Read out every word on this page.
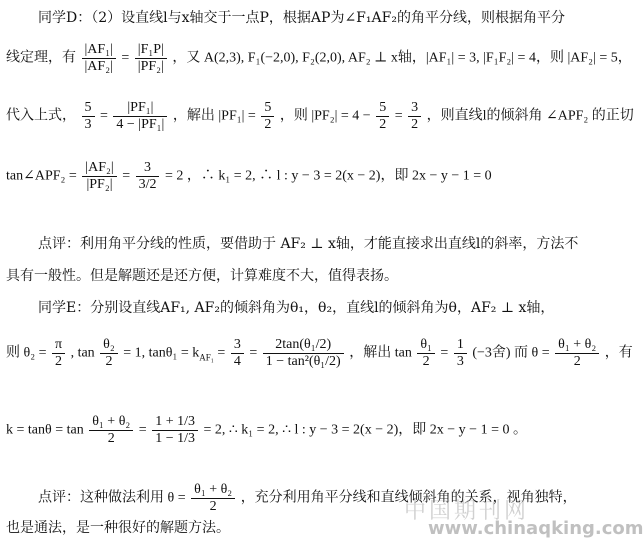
同学D：（2）设直线l与x轴交于一点P，根据AP为∠F₁AF₂的角平分线，则根据角平分
线定理，有 $\frac{\text{|AF₁|}}{\text{|AF₂|}} = \frac{\text{|F₁P|}}{\text{|PF₂|}}$ ，又 A(2,3), F₁(−2,0), F₂(2,0), AF₂ ⊥ x轴，|AF₁| = 3, |F₁F₂| = 4，则 |AF₂| = 5，
代入上式， $\frac{5}{3} = \frac{\text{|PF₁|}}{\text{4 − |PF₁|}}$ ，解出 $|PF_1| = \frac{5}{2}$ ，则 $|PF_2| = 4 - \frac{5}{2} = \frac{3}{2}$ ，则直线l的倾斜角 ∠APF₂ 的正切
tan∠APF₂ = $\frac{\text{|AF₂|}}{\text{|PF₂|}} = \frac{3}{3/2} = 2$ ，∴ k₁ = 2, ∴ l : y − 3 = 2(x − 2)，即 2x − y − 1 = 0
点评：利用角平分线的性质，要借助于 AF₂ ⊥ x轴，才能直接求出直线l的斜率，方法不
具有一般性。但是解题还是还方便，计算难度不大，值得表扬。
同学E：分别设直线AF₁, AF₂的倾斜角为θ₁，θ₂，直线l的倾斜角为θ，AF₂ ⊥ x轴，
则 $\theta_2 = \frac{\pi}{2}$ , $\tan \frac{\text{θ₂}}{2} = 1$, $\tan\theta_1 = k_{AF_1} = \frac{3}{4} = \frac{\text{2tan(θ₁/2)}}{\text{1 − tan²(θ₁/2)}}$ ，解出 $\tan \frac{\text{θ₁}}{2} = \frac{1}{3} (-3$舍) 而 $\theta = \frac{\text{θ₁ + θ₂}}{2}$ ，有
$k = \tan\theta = \tan \frac{\text{θ₁ + θ₂}}{2} = \frac{1 + 1/3}{1 - 1/3} = 2$, ∴ k₁ = 2, ∴ l : y − 3 = 2(x − 2)，即 2x − y − 1 = 0 。
点评：这种做法利用 $\theta = \frac{\text{θ₁ + θ₂}}{2}$ ，充分利用角平分线和直线倾斜角的关系，视角独特，
也是通法，是一种很好的解题方法。
中国期刊网
www.chinaqking.com
